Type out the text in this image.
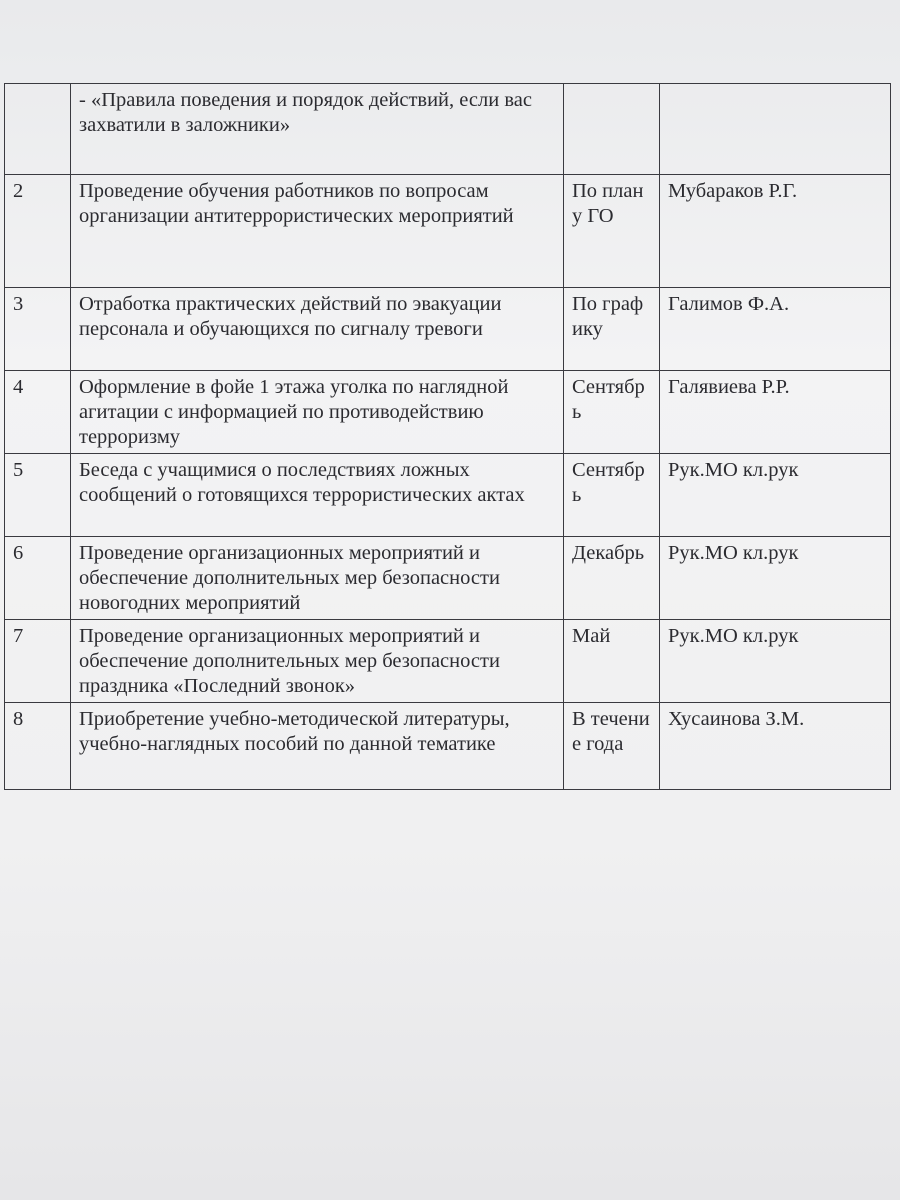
	- «Правила поведения и порядок действий, если вас захватили в заложники»		
2	Проведение обучения работников по вопросам организации антитеррористических мероприятий	По плану ГО	Мубараков Р.Г.
3	Отработка практических действий по эвакуации персонала и обучающихся по сигналу тревоги	По графику	Галимов Ф.А.
4	Оформление в фойе 1 этажа уголка по наглядной агитации с информацией по противодействию терроризму	Сентябрь	Галявиева Р.Р.
5	Беседа с учащимися о последствиях ложных сообщений о готовящихся террористических актах	Сентябрь	Рук.МО кл.рук
6	Проведение организационных мероприятий и обеспечение дополнительных мер безопасности новогодних мероприятий	Декабрь	Рук.МО кл.рук
7	Проведение организационных мероприятий и обеспечение дополнительных мер безопасности праздника «Последний звонок»	Май	Рук.МО кл.рук
8	Приобретение учебно-методической литературы, учебно-наглядных пособий по данной тематике	В течение года	Хусаинова З.М.
